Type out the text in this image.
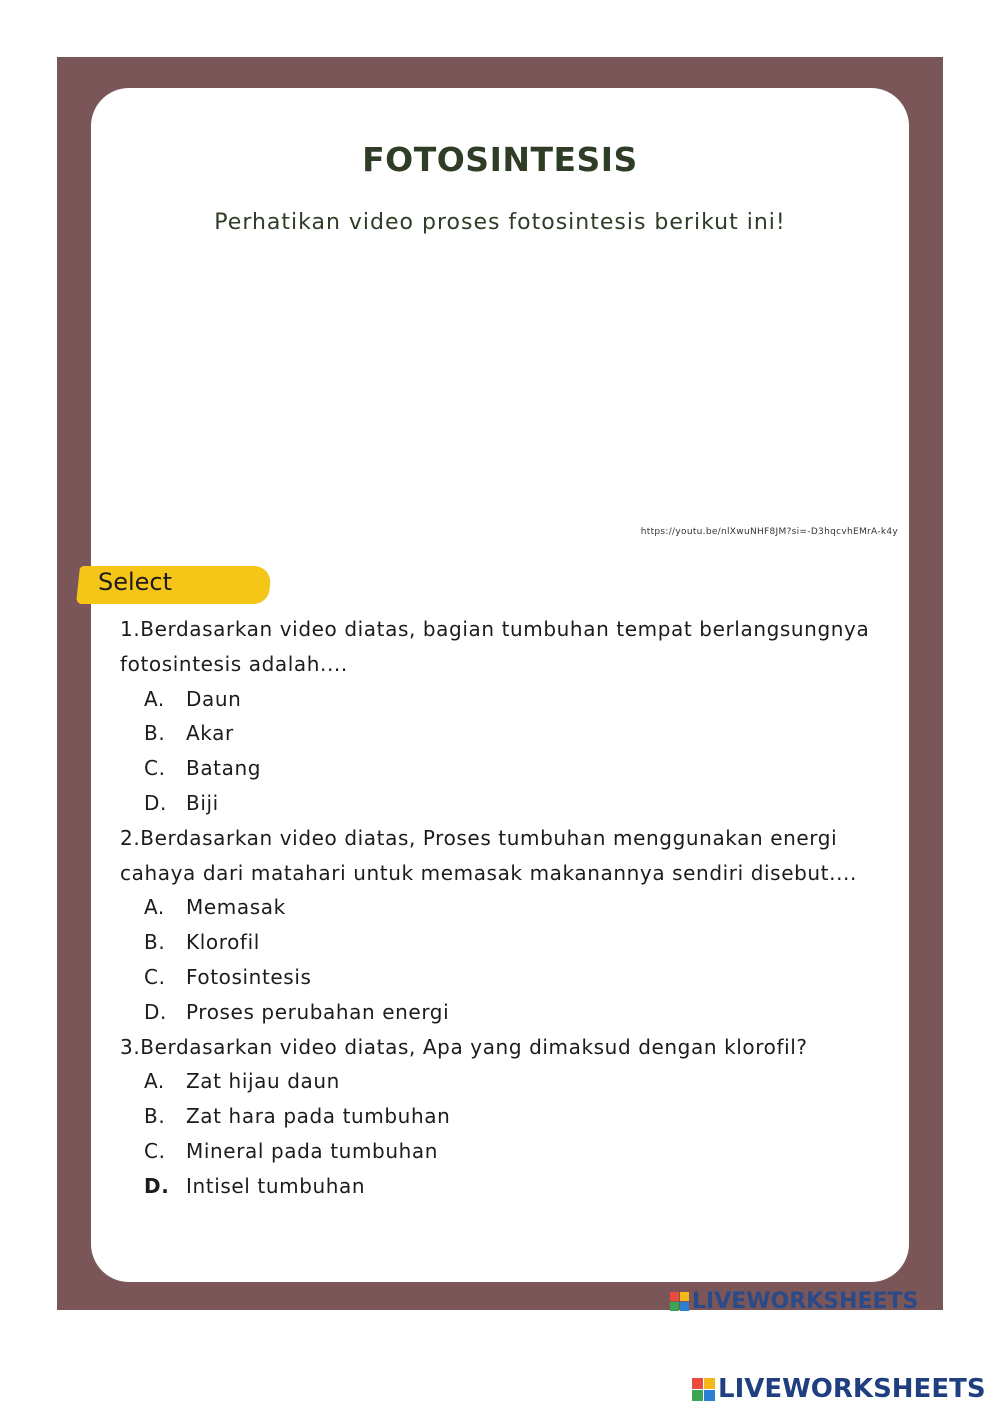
FOTOSINTESIS
Perhatikan video proses fotosintesis berikut ini!
https://youtu.be/nlXwuNHF8JM?si=-D3hqcvhEMrA-k4y
Select

1.Berdasarkan video diatas, bagian tumbuhan tempat berlangsungnya fotosintesis adalah....

A.	Daun
B.	Akar
C.	Batang
D. Biji

2.Berdasarkan video diatas, Proses tumbuhan menggunakan energi cahaya dari matahari untuk memasak makanannya sendiri disebut....

A.	Memasak
B.	Klorofil
C.	Fotosintesis
D. Proses perubahan energi

3.Berdasarkan video diatas, Apa yang dimaksud dengan klorofil?

A.	Zat hijau daun
B.	Zat hara pada tumbuhan
C.	Mineral pada tumbuhan
D. Intisel tumbuhan
LIVEWORKSHEETS
LIVEWORKSHEETS
